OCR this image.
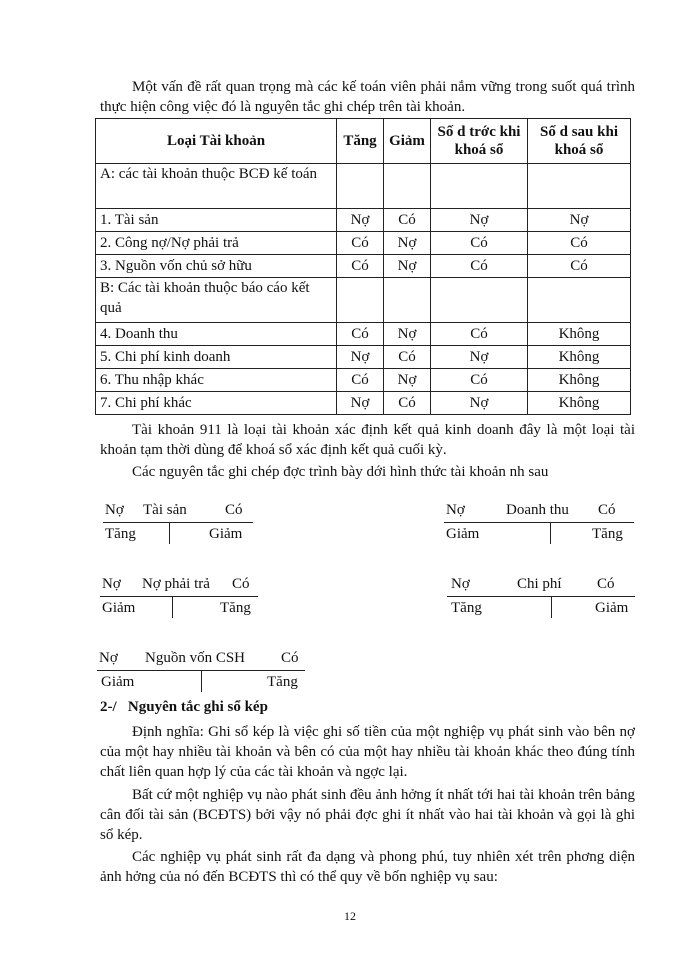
Một vấn đề rất quan trọng mà các kế toán viên phải nắm vững trong suốt quá trình thực hiện công việc đó là nguyên tắc ghi chép trên tài khoản.
Loại Tài khoản	Tăng	Giảm	Số d trớc khi khoá sổ	Số d sau khi khoá sổ
A: các tài khoản thuộc BCĐ kế toán				
1. Tài sản	Nợ	Có	Nợ	Nợ
2. Công nợ/Nợ phải trả	Có	Nợ	Có	Có
3. Nguồn vốn chủ sở hữu	Có	Nợ	Có	Có
B: Các tài khoản thuộc báo cáo kết quả				
4. Doanh thu	Có	Nợ	Có	Không
5. Chi phí kinh doanh	Nợ	Có	Nợ	Không
6. Thu nhập khác	Có	Nợ	Có	Không
7. Chi phí khác	Nợ	Có	Nợ	Không
Tài khoản 911 là loại tài khoản xác định kết quả kinh doanh đây là một loại tài khoản tạm thời dùng để khoá sổ xác định kết quả cuối kỳ.
Các nguyên tắc ghi chép đợc trình bày dới hình thức tài khoản nh sau
Nợ Tài sản	Có
Tăng	Giảm
Nợ	Doanh thu Có
Giảm	Tăng
Nợ Nợ phải trả Có
Giảm	Tăng
Nợ	Chi phí Có
Tăng	Giảm
Nợ Nguồn vốn CSH Có
Giảm	Tăng
2-/   Nguyên tắc ghi sổ kép
Định nghĩa: Ghi sổ kép là việc ghi số tiền của một nghiệp vụ phát sinh vào bên nợ của một hay nhiều tài khoản và bên có của một hay nhiều tài khoản khác theo đúng tính chất liên quan hợp lý của các tài khoản và ngợc lại.
Bất cứ một nghiệp vụ nào phát sinh đều ảnh hởng ít nhất tới hai tài khoản trên bảng cân đối tài sản (BCĐTS) bởi vậy nó phải đợc ghi ít nhất vào hai tài khoản và gọi là ghi sổ kép.
Các nghiệp vụ phát sinh rất đa dạng và phong phú, tuy nhiên xét trên phơng diện ảnh hởng của nó đến BCĐTS thì có thể quy về bốn nghiệp vụ sau:
12
